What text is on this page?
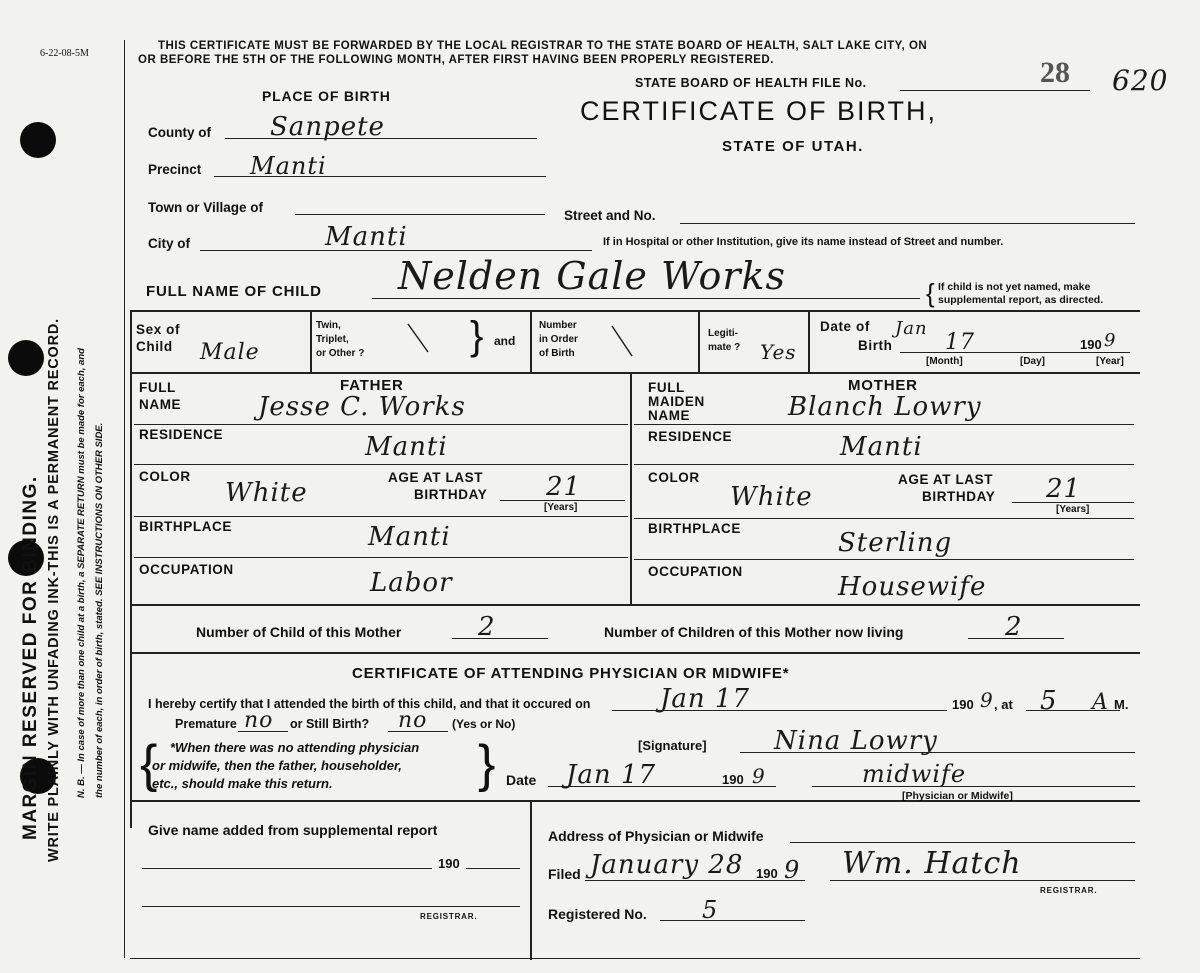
6-22-08-5M
MARGIN RESERVED FOR BINDING. WRITE PLAINLY WITH UNFADING INK-THIS IS A PERMANENT RECORD. N. B. — In case of more than one child at a birth, a SEPARATE RETURN must be made for each, and the number of each, in order of birth, stated. SEE INSTRUCTIONS ON OTHER SIDE.
THIS CERTIFICATE MUST BE FORWARDED BY THE LOCAL REGISTRAR TO THE STATE BOARD OF HEALTH, SALT LAKE CITY, ON
OR BEFORE THE 5TH OF THE FOLLOWING MONTH, AFTER FIRST HAVING BEEN PROPERLY REGISTERED.
STATE BOARD OF HEALTH FILE No.	28 620
CERTIFICATE OF BIRTH,
STATE OF UTAH.
PLACE OF BIRTH
County of Sanpete
Precinct Manti
Town or Village of
Street and No.
City of	Manti	If in Hospital or other Institution, give its name instead of Street and number.
FULL NAME OF CHILD Nelden Gale Works	{ If child is not yet named, make
supplemental report, as directed.
Sex of
Child Male
Twin,
Triplet,
or Other ?	} and
Number
in Order
of Birth
Legiti-
mate ? Yes
Date of
Birth
Jan
17	190 9
[Month]	[Day]	[Year]
FULL
NAME
FATHER
Jesse C. Works
RESIDENCE	Manti
COLOR
White
AGE AT LAST
BIRTHDAY 21
[Years]
BIRTHPLACE	Manti
OCCUPATION	Labor
FULL
MAIDEN
NAME
MOTHER
Blanch Lowry
RESIDENCE	Manti
COLOR
White
AGE AT LAST
BIRTHDAY 21
[Years]
BIRTHPLACE	Sterling
OCCUPATION
Housewife
Number of Child of this Mother	2	Number of Children of this Mother now living	2
CERTIFICATE OF ATTENDING PHYSICIAN OR MIDWIFE*
I hereby certify that I attended the birth of this child, and that it occured on	Jan 17	190 9 , at 5 A M.
Premature no or Still Birth? no (Yes or No)
{ *When there was no attending physician
or midwife, then the father, householder,
etc., should make this return.	}	[Signature]	Nina Lowry
Date Jan 17	190 9	midwife
[Physician or Midwife]
Give name added from supplemental report
190
REGISTRAR.
Address of Physician or Midwife
Filed January 28 190 9 Wm. Hatch
REGISTRAR.
Registered No. 5
